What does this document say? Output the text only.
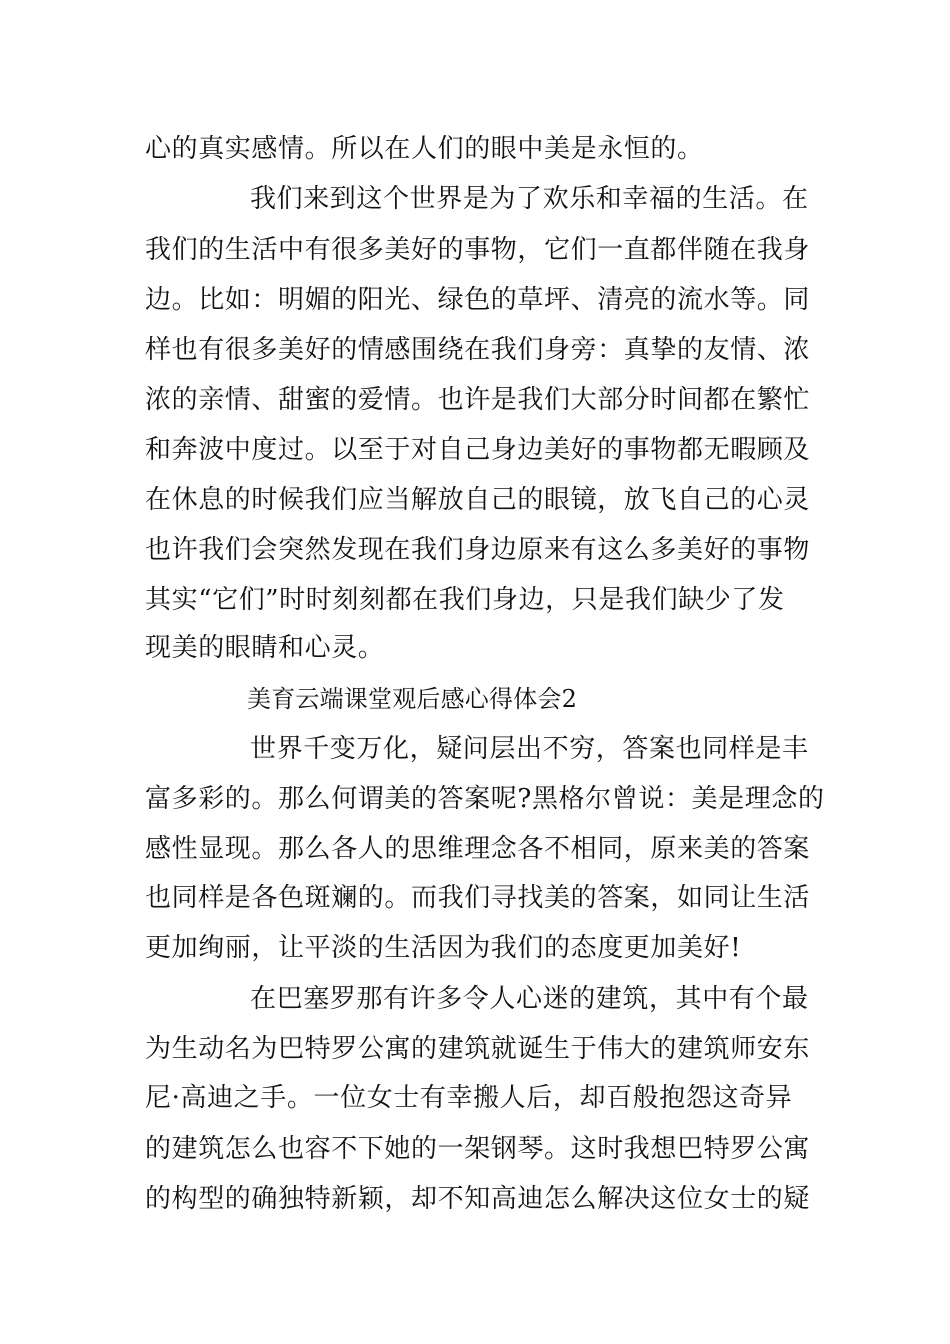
心的真实感情。所以在人们的眼中美是永恒的。
我们来到这个世界是为了欢乐和幸福的生活。在
我们的生活中有很多美好的事物，它们一直都伴随在我身
边。比如：明媚的阳光、绿色的草坪、清亮的流水等。同
样也有很多美好的情感围绕在我们身旁：真挚的友情、浓
浓的亲情、甜蜜的爱情。也许是我们大部分时间都在繁忙
和奔波中度过。以至于对自己身边美好的事物都无暇顾及
在休息的时候我们应当解放自己的眼镜，放飞自己的心灵
也许我们会突然发现在我们身边原来有这么多美好的事物
其实“它们”时时刻刻都在我们身边，只是我们缺少了发
现美的眼睛和心灵。
美育云端课堂观后感心得体会2
世界千变万化，疑问层出不穷，答案也同样是丰
富多彩的。那么何谓美的答案呢?黑格尔曾说：美是理念的
感性显现。那么各人的思维理念各不相同，原来美的答案
也同样是各色斑斓的。而我们寻找美的答案，如同让生活
更加绚丽，让平淡的生活因为我们的态度更加美好!
在巴塞罗那有许多令人心迷的建筑，其中有个最
为生动名为巴特罗公寓的建筑就诞生于伟大的建筑师安东
尼·高迪之手。一位女士有幸搬人后，却百般抱怨这奇异
的建筑怎么也容不下她的一架钢琴。这时我想巴特罗公寓
的构型的确独特新颖，却不知高迪怎么解决这位女士的疑
